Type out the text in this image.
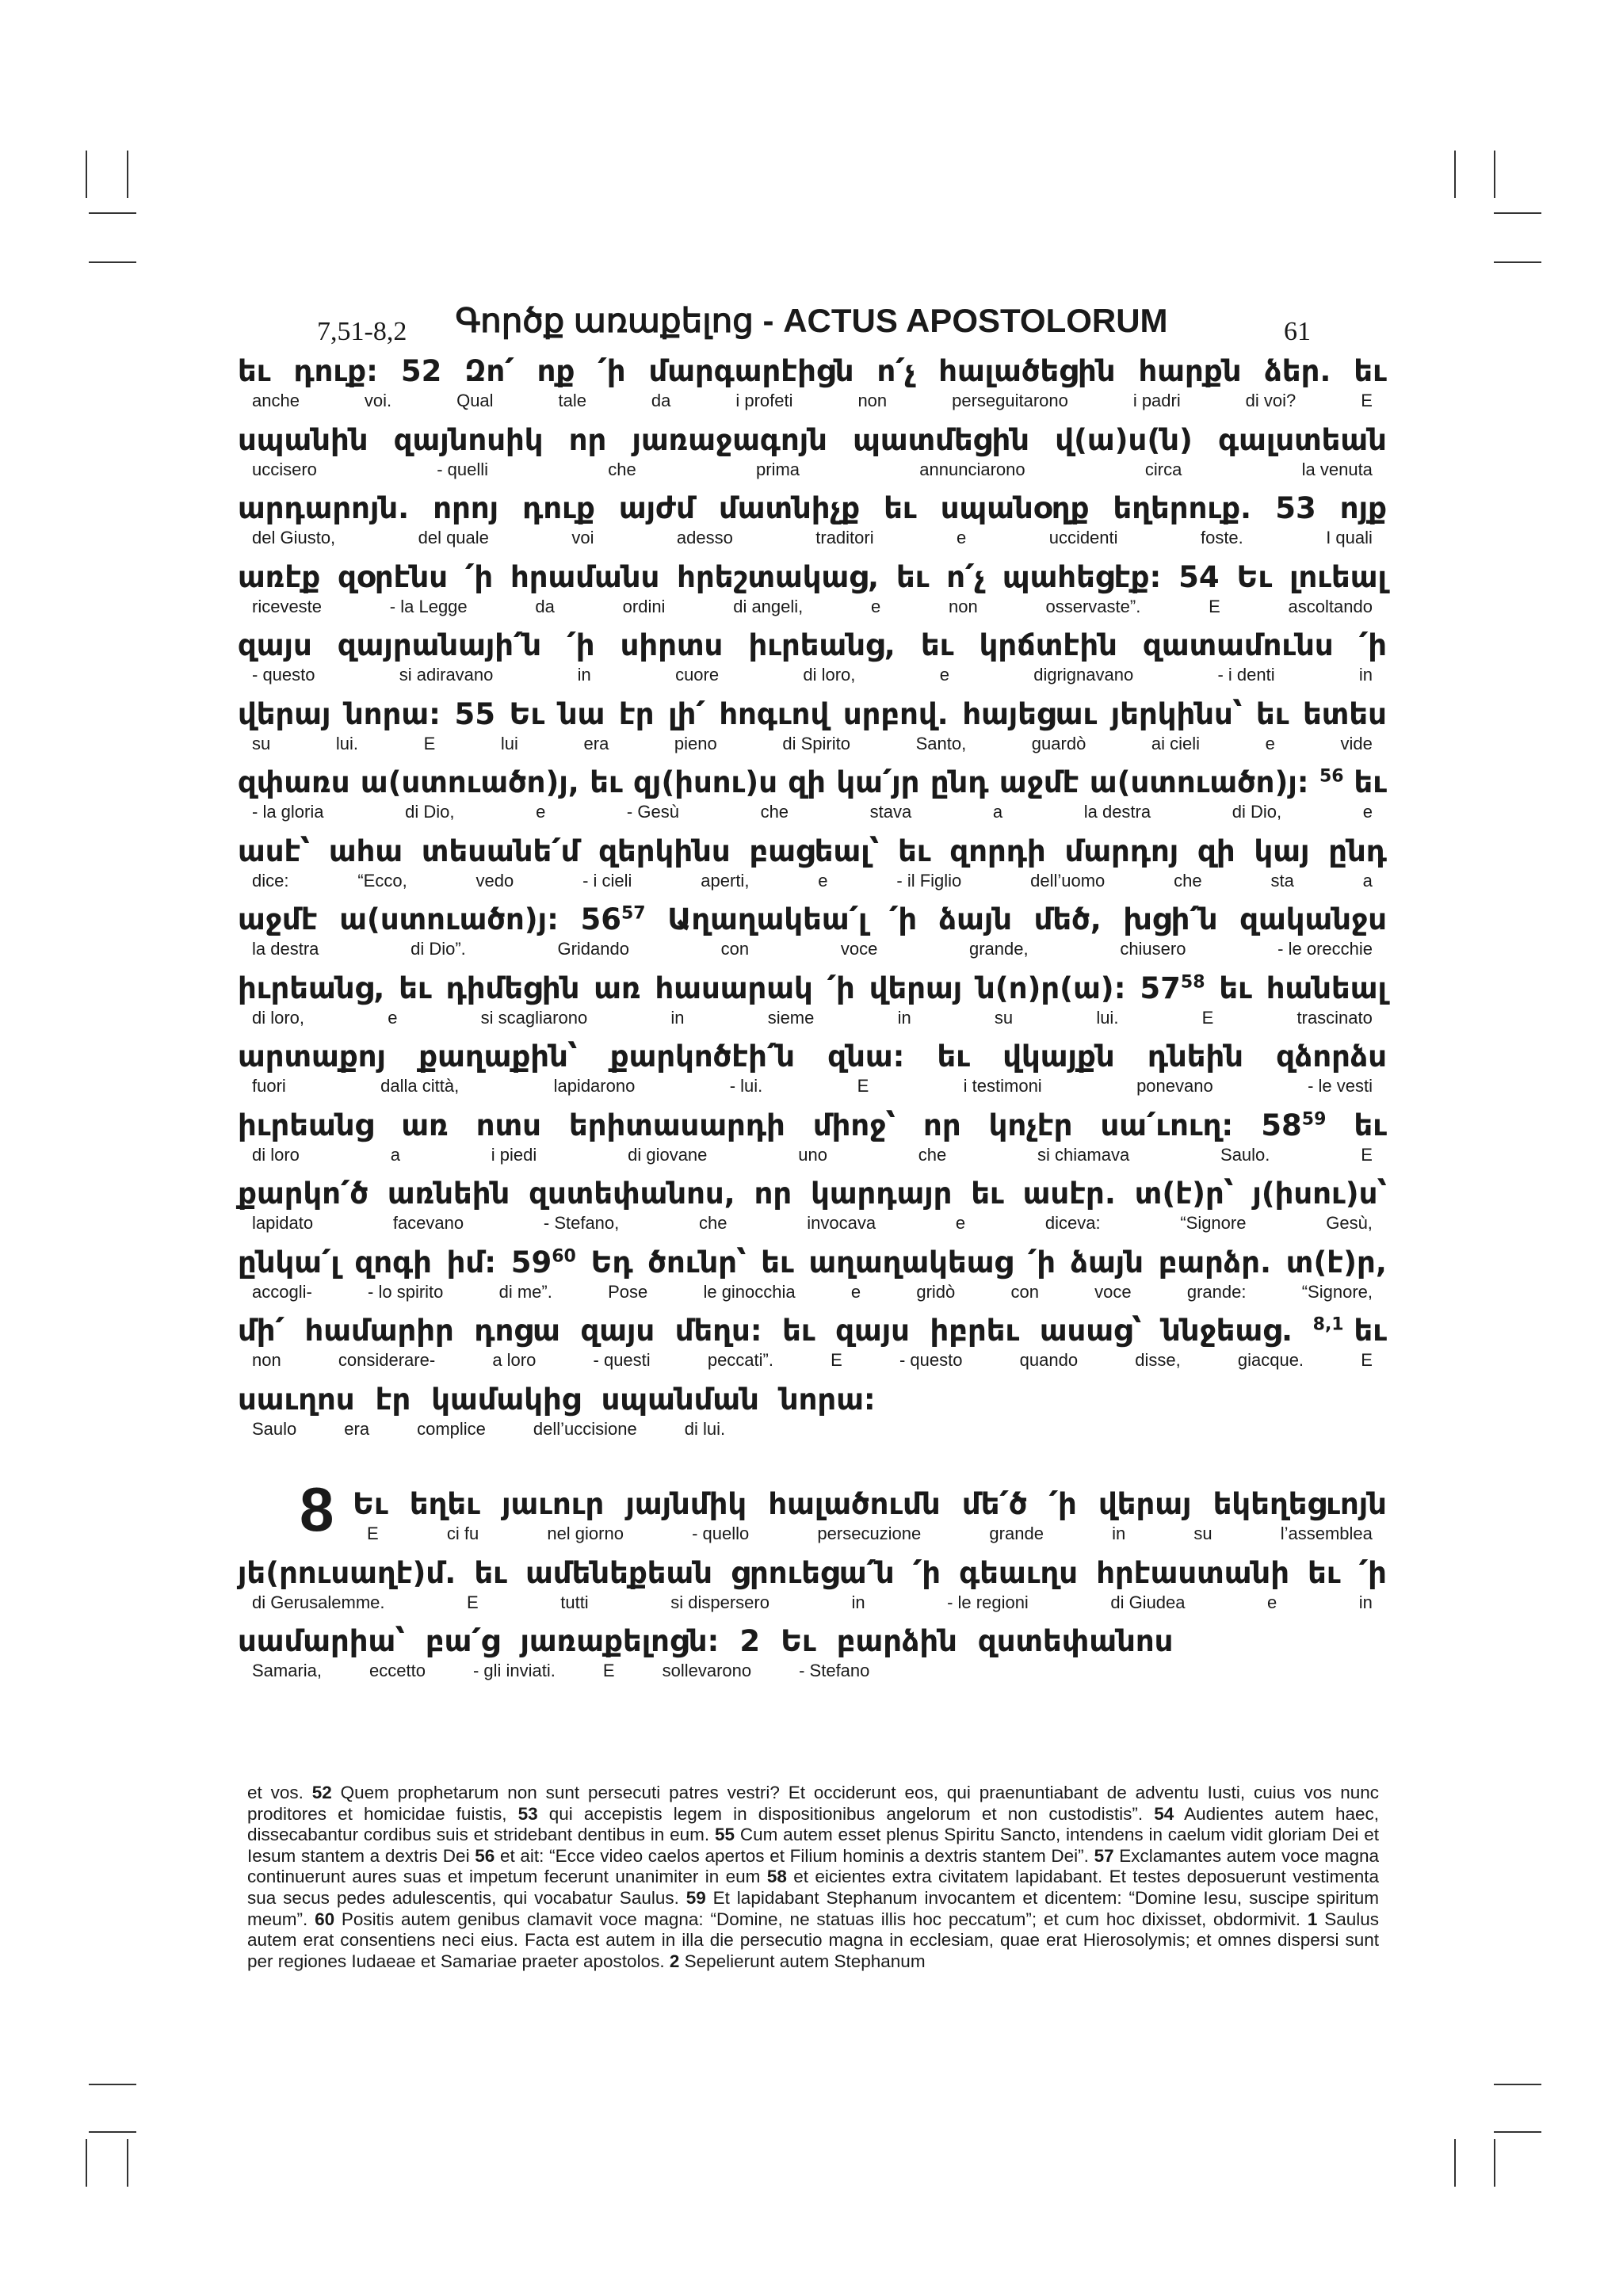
7,51-8,2	Գործք առաքելոց - ACTUS APOSTOLORUM	61
եւ դուք: 52 Զո՛ ոք ՛ի մարգարէիցն ո՛չ հալածեցին հարքն ձեր. եւ
anche	voi.	Qual	tale	da	i profeti	non	perseguitarono	i padri	di voi?	E
սպանին զայնոսիկ որ յառաջագոյն պատմեցին վ(ա)ս(ն) գալստեան
uccisero	- quelli	che	prima	annunciarono	circa	la venuta
արդարոյն. որոյ դուք այժմ մատնիչք եւ սպանօղք եղերուք. 53 ոյք
del Giusto,	del quale	voi	adesso	traditori	e	uccidenti	foste.	I quali
առէք զօրէնս ՛ի հրամանս հրեշտակաց, եւ ո՛չ պահեցէք: 54 Եւ լուեալ
riceveste	- la Legge	da	ordini	di angeli,	e	non	osservaste”.	E	ascoltando
զայս զայրանայի՛ն ՛ի սիրտս իւրեանց, եւ կրճտէին զատամունս ՛ի
- questo	si adiravano	in	cuore	di loro,	e	digrignavano	- i denti	in
վերայ նորա: 55 Եւ նա էր լի՛ հոգւով սրբով. հայեցաւ յերկինս՝ եւ ետես
su	lui.	E	lui	era	pieno	di Spirito	Santo,	guardò	ai cieli	e	vide
զփառս ա(ստուածո)յ, եւ զյ(իսու)ս զի կա՛յր ընդ աջմէ ա(ստուածո)յ: $^{56}$ եւ
- la gloria	di Dio,	e	- Gesù	che	stava	a	la destra	di Dio,	e
ասէ՝ ահա տեսանե՛մ զերկինս բացեալ՝ եւ զորդի մարդոյ զի կայ ընդ
dice:	“Ecco,	vedo	- i cieli	aperti,	e	- il Figlio	dell’uomo	che	sta	a
աջմէ ա(ստուածո)յ: $56^{57}$ Աղաղակեա՛լ ՛ի ձայն մեծ, խցի՛ն զականջս
la destra	di Dio”.	Gridando	con	voce	grande,	chiusero	- le orecchie
իւրեանց, եւ դիմեցին առ հասարակ ՛ի վերայ ն(ո)ր(ա): $57^{58}$ եւ հանեալ
di loro,	e	si scagliarono	in	sieme	in	su	lui.	E	trascinato
արտաքոյ քաղաքին՝ քարկոծէի՛ն զնա: եւ վկայքն դնեին զձորձս
fuori	dalla città,	lapidarono	- lui.	E	i testimoni	ponevano	- le vesti
իւրեանց առ ոտս երիտասարդի միոջ՝ որ կոչէր սա՛ւուղ: $58^{59}$ եւ
di loro	a	i piedi	di giovane	uno	che	si chiamava	Saulo.	E
քարկո՛ծ առնեին զստեփանոս, որ կարդայր եւ ասէր. տ(է)ր՝ յ(իսու)ս՝
lapidato	facevano	- Stefano,	che	invocava	e	diceva:	“Signore	Gesù,
ընկա՛լ զոգի իմ: $59^{60}$ Եդ ծունր՝ եւ աղաղակեաց ՛ի ձայն բարձր. տ(է)ր,
accogli-	- lo spirito	di me”.	Pose	le ginocchia	e	gridò	con	voce	grande:	“Signore,
մի՛ համարիր դոցա զայս մեղս: եւ զայս իբրեւ ասաց՝ ննջեաց. $^{8,1}$ եւ
non	considerare-	a loro	- questi	peccati”.	E	- questo	quando	disse,	giacque.	E
սաւղոս էր կամակից սպանման նորա:
Saulo	era	complice	dell’uccisione	di lui.
8 Եւ եղեւ յաւուր յայնմիկ հալածումն մե՛ծ ՛ի վերայ եկեղեցւոյն
E	ci fu	nel giorno	- quello	persecuzione	grande	in	su	l’assemblea
յե(րուսաղէ)մ. եւ ամենեքեան ցրուեցա՛ն ՛ի գեաւղս հրէաստանի եւ ՛ի
di Gerusalemme.	E	tutti	si dispersero	in	- le regioni	di Giudea	e	in
սամարիա՝ բա՛ց յառաքելոցն: 2 Եւ բարձին զստեփանոս
Samaria,	eccetto	- gli inviati.	E	sollevarono	- Stefano
et vos. 52 Quem prophetarum non sunt persecuti patres vestri? Et occiderunt eos, qui praenuntiabant de adventu Iusti, cuius vos nunc proditores et homicidae fuistis, 53 qui accepistis legem in dispositionibus angelorum et non custodistis”. 54 Audientes autem haec, dissecabantur cordibus suis et stridebant dentibus in eum. 55 Cum autem esset plenus Spiritu Sancto, intendens in caelum vidit gloriam Dei et Iesum stantem a dextris Dei 56 et ait: “Ecce video caelos apertos et Filium hominis a dextris stantem Dei”. 57 Exclamantes autem voce magna continuerunt aures suas et impetum fecerunt unanimiter in eum 58 et eicientes extra civitatem lapidabant. Et testes deposuerunt vestimenta sua secus pedes adulescentis, qui vocabatur Saulus. 59 Et lapidabant Stephanum invocantem et dicentem: “Domine Iesu, suscipe spiritum meum”. 60 Positis autem genibus clamavit voce magna: “Domine, ne statuas illis hoc peccatum”; et cum hoc dixisset, obdormivit. 1 Saulus autem erat consentiens neci eius. Facta est autem in illa die persecutio magna in ecclesiam, quae erat Hierosolymis; et omnes dispersi sunt per regiones Iudaeae et Samariae praeter apostolos. 2 Sepelierunt autem Stephanum
